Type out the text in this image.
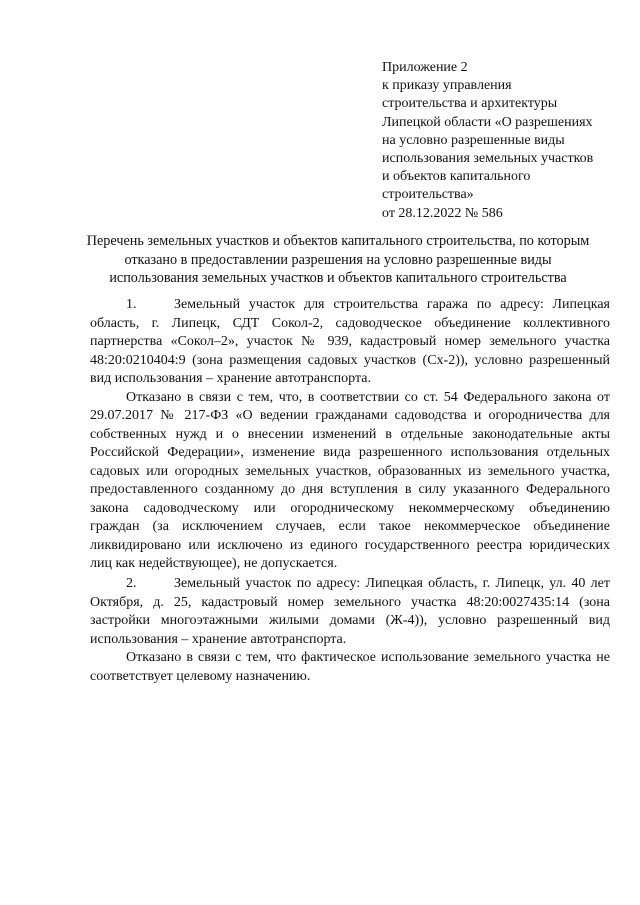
Приложение 2
к приказу управления
строительства и архитектуры
Липецкой области «О разрешениях
на условно разрешенные виды
использования земельных участков
и объектов капитального
строительства»
от 28.12.2022 № 586
Перечень земельных участков и объектов капитального строительства, по которым
отказано в предоставлении разрешения на условно разрешенные виды
использования земельных участков и объектов капитального строительства
1.	Земельный участок для строительства гаража по адресу: Липецкая
область, г. Липецк, СДТ Сокол-2, садоводческое объединение коллективного
партнерства «Сокол–2», участок № 939, кадастровый номер земельного участка
48:20:0210404:9 (зона размещения садовых участков (Сх-2)), условно разрешенный
вид использования – хранение автотранспорта.
Отказано в связи с тем, что, в соответствии со ст. 54 Федерального закона от
29.07.2017 № 217-ФЗ «О ведении гражданами садоводства и огородничества для
собственных нужд и о внесении изменений в отдельные законодательные акты
Российской Федерации», изменение вида разрешенного использования отдельных
садовых или огородных земельных участков, образованных из земельного участка,
предоставленного созданному до дня вступления в силу указанного Федерального
закона садоводческому или огородническому некоммерческому объединению
граждан (за исключением случаев, если такое некоммерческое объединение
ликвидировано или исключено из единого государственного реестра юридических
лиц как недействующее), не допускается.
2.	Земельный участок по адресу: Липецкая область, г. Липецк, ул. 40 лет
Октября, д. 25, кадастровый номер земельного участка 48:20:0027435:14 (зона
застройки многоэтажными жилыми домами (Ж-4)), условно разрешенный вид
использования – хранение автотранспорта.
Отказано в связи с тем, что фактическое использование земельного участка не
соответствует целевому назначению.
